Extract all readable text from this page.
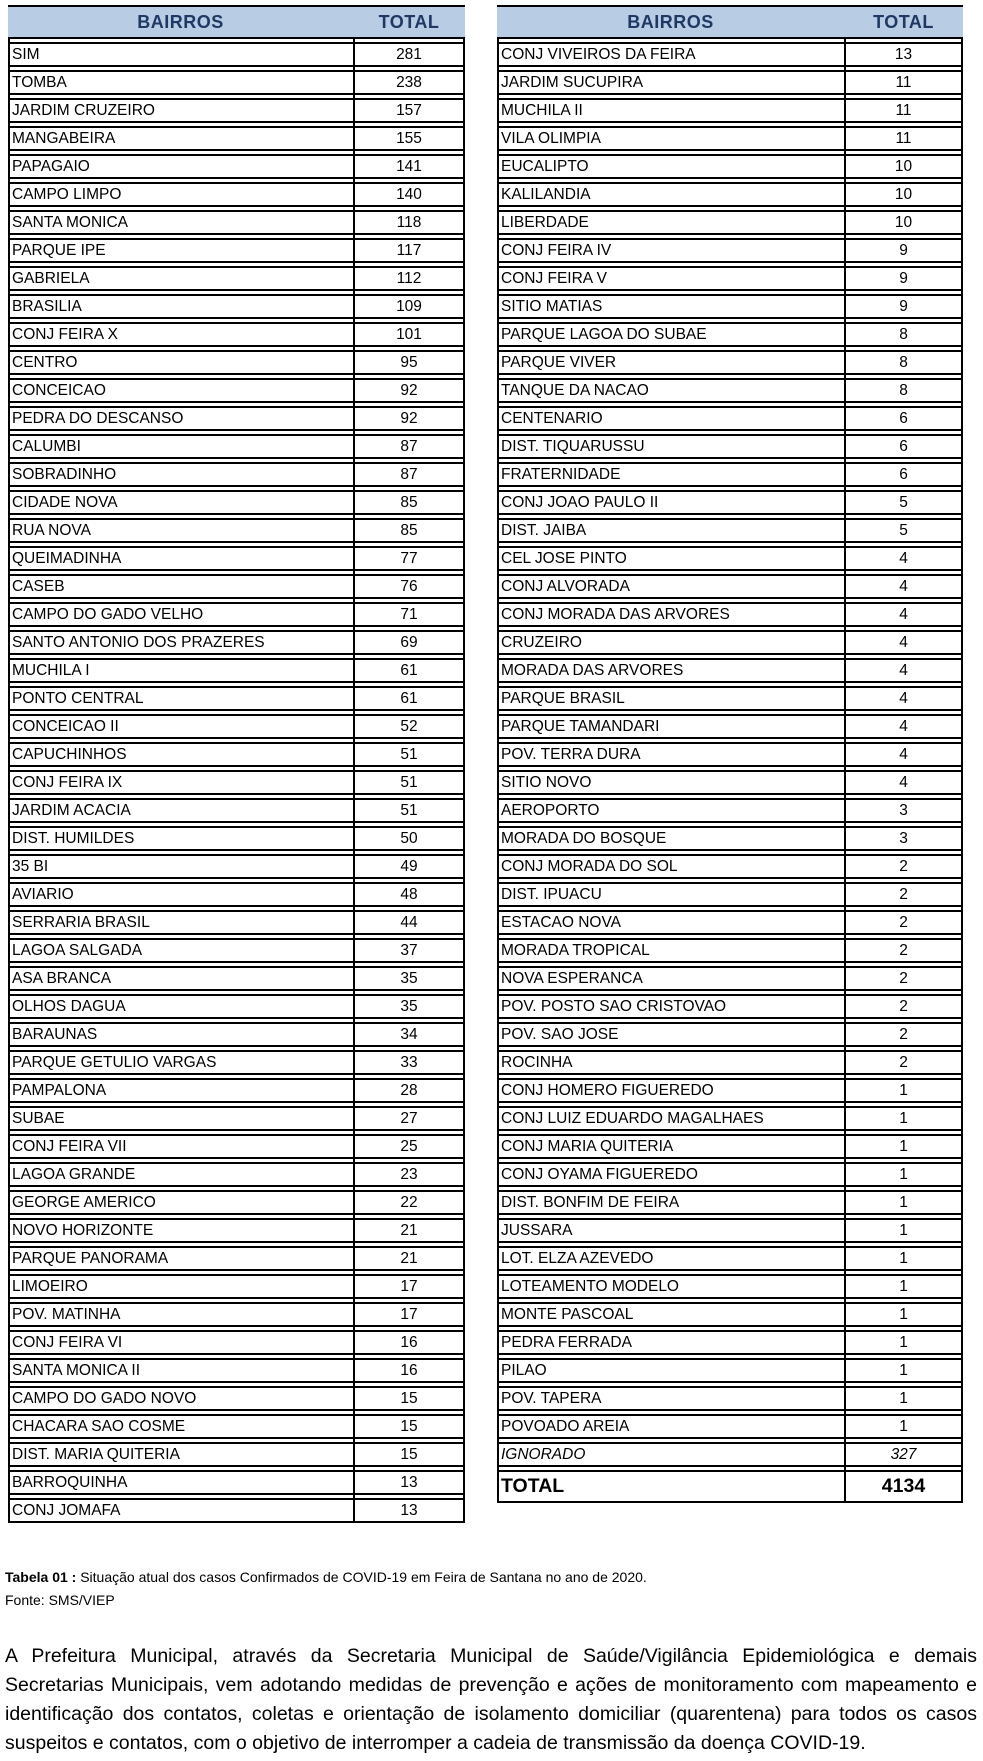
BAIRROS	TOTAL
SIM	281
TOMBA	238
JARDIM CRUZEIRO	157
MANGABEIRA	155
PAPAGAIO	141
CAMPO LIMPO	140
SANTA MONICA	118
PARQUE IPE	117
GABRIELA	112
BRASILIA	109
CONJ FEIRA X	101
CENTRO	95
CONCEICAO	92
PEDRA DO DESCANSO	92
CALUMBI	87
SOBRADINHO	87
CIDADE NOVA	85
RUA NOVA	85
QUEIMADINHA	77
CASEB	76
CAMPO DO GADO VELHO	71
SANTO ANTONIO DOS PRAZERES	69
MUCHILA I	61
PONTO CENTRAL	61
CONCEICAO II	52
CAPUCHINHOS	51
CONJ FEIRA IX	51
JARDIM ACACIA	51
DIST. HUMILDES	50
35 BI	49
AVIARIO	48
SERRARIA BRASIL	44
LAGOA SALGADA	37
ASA BRANCA	35
OLHOS DAGUA	35
BARAUNAS	34
PARQUE GETULIO VARGAS	33
PAMPALONA	28
SUBAE	27
CONJ FEIRA VII	25
LAGOA GRANDE	23
GEORGE AMERICO	22
NOVO HORIZONTE	21
PARQUE PANORAMA	21
LIMOEIRO	17
POV. MATINHA	17
CONJ FEIRA VI	16
SANTA MONICA II	16
CAMPO DO GADO NOVO	15
CHACARA SAO COSME	15
DIST. MARIA QUITERIA	15
BARROQUINHA	13
CONJ JOMAFA	13
BAIRROS	TOTAL
CONJ VIVEIROS DA FEIRA	13
JARDIM SUCUPIRA	11
MUCHILA II	11
VILA OLIMPIA	11
EUCALIPTO	10
KALILANDIA	10
LIBERDADE	10
CONJ FEIRA IV	9
CONJ FEIRA V	9
SITIO MATIAS	9
PARQUE LAGOA DO SUBAE	8
PARQUE VIVER	8
TANQUE DA NACAO	8
CENTENARIO	6
DIST. TIQUARUSSU	6
FRATERNIDADE	6
CONJ JOAO PAULO II	5
DIST. JAIBA	5
CEL JOSE PINTO	4
CONJ ALVORADA	4
CONJ MORADA DAS ARVORES	4
CRUZEIRO	4
MORADA DAS ARVORES	4
PARQUE BRASIL	4
PARQUE TAMANDARI	4
POV. TERRA DURA	4
SITIO NOVO	4
AEROPORTO	3
MORADA DO BOSQUE	3
CONJ MORADA DO SOL	2
DIST. IPUACU	2
ESTACAO NOVA	2
MORADA TROPICAL	2
NOVA ESPERANCA	2
POV. POSTO SAO CRISTOVAO	2
POV. SAO JOSE	2
ROCINHA	2
CONJ HOMERO FIGUEREDO	1
CONJ LUIZ EDUARDO MAGALHAES	1
CONJ MARIA QUITERIA	1
CONJ OYAMA FIGUEREDO	1
DIST. BONFIM DE FEIRA	1
JUSSARA	1
LOT. ELZA AZEVEDO	1
LOTEAMENTO MODELO	1
MONTE PASCOAL	1
PEDRA FERRADA	1
PILAO	1
POV. TAPERA	1
POVOADO AREIA	1
IGNORADO	327
TOTAL	4134
Tabela 01 : Situação atual dos casos Confirmados de COVID-19 em Feira de Santana no ano de 2020.
Fonte: SMS/VIEP

A Prefeitura Municipal, através da Secretaria Municipal de Saúde/Vigilância Epidemiológica e demais Secretarias Municipais, vem adotando medidas de prevenção e ações de monitoramento com mapeamento e identificação dos contatos, coletas e orientação de isolamento domiciliar (quarentena) para todos os casos suspeitos e contatos, com o objetivo de interromper a cadeia de transmissão da doença COVID-19.
